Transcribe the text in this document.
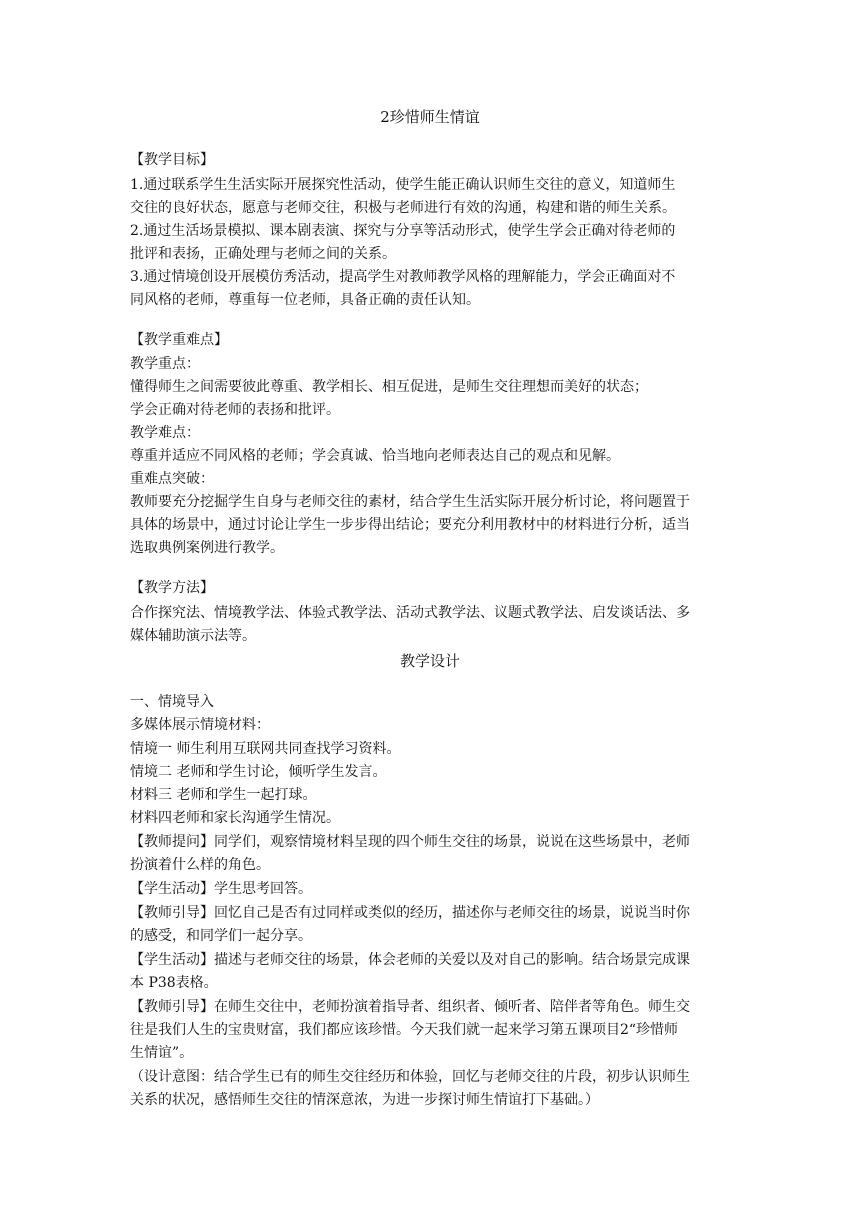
2珍惜师生情谊
【教学目标】
1.通过联系学生生活实际开展探究性活动，使学生能正确认识师生交往的意义，知道师生
交往的良好状态，愿意与老师交往，积极与老师进行有效的沟通，构建和谐的师生关系。
2.通过生活场景模拟、课本剧表演、探究与分享等活动形式，使学生学会正确对待老师的
批评和表扬，正确处理与老师之间的关系。
3.通过情境创设开展模仿秀活动，提高学生对教师教学风格的理解能力，学会正确面对不
同风格的老师，尊重每一位老师，具备正确的责任认知。
【教学重难点】
教学重点：
懂得师生之间需要彼此尊重、教学相长、相互促进，是师生交往理想而美好的状态；
学会正确对待老师的表扬和批评。
教学难点：
尊重并适应不同风格的老师；学会真诚、恰当地向老师表达自己的观点和见解。
重难点突破：
教师要充分挖掘学生自身与老师交往的素材，结合学生生活实际开展分析讨论，将问题置于
具体的场景中，通过讨论让学生一步步得出结论；要充分利用教材中的材料进行分析，适当
选取典例案例进行教学。
【教学方法】
合作探究法、情境教学法、体验式教学法、活动式教学法、议题式教学法、启发谈话法、多
媒体辅助演示法等。
教学设计
一、情境导入
多媒体展示情境材料：
情境一 师生利用互联网共同查找学习资料。
情境二 老师和学生讨论，倾听学生发言。
材料三 老师和学生一起打球。
材料四老师和家长沟通学生情况。
【教师提问】同学们，观察情境材料呈现的四个师生交往的场景，说说在这些场景中，老师
扮演着什么样的角色。
【学生活动】学生思考回答。
【教师引导】回忆自己是否有过同样或类似的经历，描述你与老师交往的场景，说说当时你
的感受，和同学们一起分享。
【学生活动】描述与老师交往的场景，体会老师的关爱以及对自己的影响。结合场景完成课
本 P38表格。
【教师引导】在师生交往中，老师扮演着指导者、组织者、倾听者、陪伴者等角色。师生交
往是我们人生的宝贵财富，我们都应该珍惜。今天我们就一起来学习第五课项目2“珍惜师
生情谊”。
（设计意图：结合学生已有的师生交往经历和体验，回忆与老师交往的片段，初步认识师生
关系的状况，感悟师生交往的情深意浓，为进一步探讨师生情谊打下基础。）
